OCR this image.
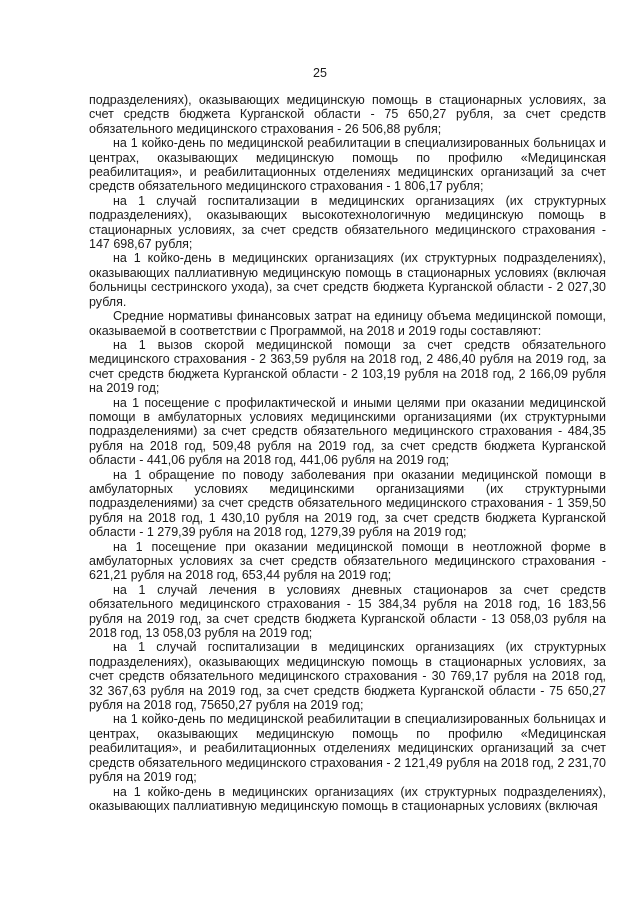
25

подразделениях), оказывающих медицинскую помощь в стационарных условиях, за счет средств бюджета Курганской области - 75 650,27 рубля, за счет средств обязательного медицинского страхования - 26 506,88 рубля;

на 1 койко-день по медицинской реабилитации в специализированных больницах и центрах, оказывающих медицинскую помощь по профилю «Медицинская реабилитация», и реабилитационных отделениях медицинских организаций за счет средств обязательного медицинского страхования - 1 806,17 рубля;

на 1 случай госпитализации в медицинских организациях (их структурных подразделениях), оказывающих высокотехнологичную медицинскую помощь в стационарных условиях, за счет средств обязательного медицинского страхования - 147 698,67 рубля;

на 1 койко-день в медицинских организациях (их структурных подразделениях), оказывающих паллиативную медицинскую помощь в стационарных условиях (включая больницы сестринского ухода), за счет средств бюджета Курганской области - 2 027,30 рубля.

Средние нормативы финансовых затрат на единицу объема медицинской помощи, оказываемой в соответствии с Программой, на 2018 и 2019 годы составляют:

на 1 вызов скорой медицинской помощи за счет средств обязательного медицинского страхования - 2 363,59 рубля на 2018 год, 2 486,40 рубля на 2019 год, за счет средств бюджета Курганской области - 2 103,19 рубля на 2018 год, 2 166,09 рубля на 2019 год;

на 1 посещение с профилактической и иными целями при оказании медицинской помощи в амбулаторных условиях медицинскими организациями (их структурными подразделениями) за счет средств обязательного медицинского страхования - 484,35 рубля на 2018 год, 509,48 рубля на 2019 год, за счет средств бюджета Курганской области - 441,06 рубля на 2018 год, 441,06 рубля на 2019 год;

на 1 обращение по поводу заболевания при оказании медицинской помощи в амбулаторных условиях медицинскими организациями (их структурными подразделениями) за счет средств обязательного медицинского страхования - 1 359,50 рубля на 2018 год, 1 430,10 рубля на 2019 год, за счет средств бюджета Курганской области - 1 279,39 рубля на 2018 год, 1279,39 рубля на 2019 год;

на 1 посещение при оказании медицинской помощи в неотложной форме в амбулаторных условиях за счет средств обязательного медицинского страхования - 621,21 рубля на 2018 год, 653,44 рубля на 2019 год;

на 1 случай лечения в условиях дневных стационаров за счет средств обязательного медицинского страхования - 15 384,34 рубля на 2018 год, 16 183,56 рубля на 2019 год, за счет средств бюджета Курганской области - 13 058,03 рубля на 2018 год, 13 058,03 рубля на 2019 год;

на 1 случай госпитализации в медицинских организациях (их структурных подразделениях), оказывающих медицинскую помощь в стационарных условиях, за счет средств обязательного медицинского страхования - 30 769,17 рубля на 2018 год, 32 367,63 рубля на 2019 год, за счет средств бюджета Курганской области - 75 650,27 рубля на 2018 год, 75650,27 рубля на 2019 год;

на 1 койко-день по медицинской реабилитации в специализированных больницах и центрах, оказывающих медицинскую помощь по профилю «Медицинская реабилитация», и реабилитационных отделениях медицинских организаций за счет средств обязательного медицинского страхования - 2 121,49 рубля на 2018 год, 2 231,70 рубля на 2019 год;

на 1 койко-день в медицинских организациях (их структурных подразделениях), оказывающих паллиативную медицинскую помощь в стационарных условиях (включая
